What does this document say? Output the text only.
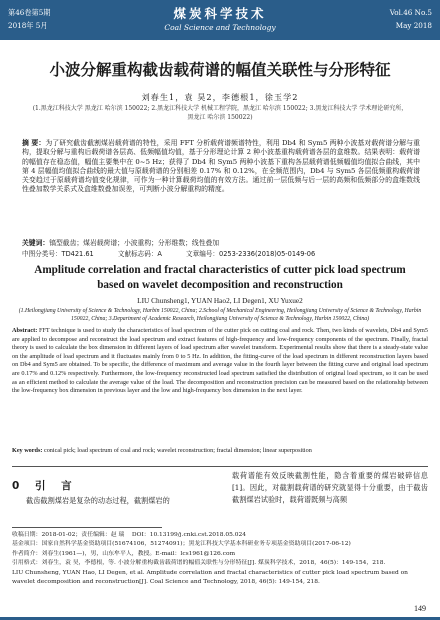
第46卷第5期
2018年 5月
煤炭科学技术
Coal Science and Technology
Vol.46 No.5
May 2018
小波分解重构截齿载荷谱的幅值关联性与分形特征
刘春生1，袁 昊2，李德根1，徐玉学2
(1.黑龙江科技大学 黑龙江 哈尔滨 150022; 2.黑龙江科技大学 机械工程学院，黑龙江 哈尔滨 150022; 3.黑龙江科技大学 学术理论研究所，黑龙江 哈尔滨 150022)
摘 要：为了研究截齿截割煤岩载荷谱的特性，采用 FFT 分析载荷谱频谱特性，利用 Db4 和 Sym5 两种小波基对载荷谱分解与重构，提取分解与重构后载荷谱各层高、低频幅值均值，基于分形理论计算 2 种小波基重构载荷谱各层的盒维数。结果表明：载荷谱的幅值存在稳态值，幅值主要集中在 0~5 Hz；获得了 Db4 和 Sym5 两种小波基下重构各层载荷谱低频幅值均值拟合曲线，其中第 4 层幅值均值拟合曲线的最大值与原载荷谱的分别相差 0.17% 和 0.12%，在全频范围内，Db4 与 Sym5 各层低频重构载荷谱关变趋过于原载荷谱均值变化规律，可作为一种计算载荷均值的有效方法。通过前一层低频与后一层的高频和低频部分的盒维数线性叠加数学关系式及盒维数叠加误差，可判断小波分解重构的精度。
关键词：镐型截齿；煤岩载荷谱；小波重构；分形维数；线性叠加
中图分类号：TD421.61	文献标志码：A	文章编号：0253-2336(2018)05-0149-06
Amplitude correlation and fractal characteristics of cutter pick load spectrum based on wavelet decomposition and reconstruction
LIU Chunsheng1, YUAN Hao2, LI Degen1, XU Yuxue2
(1.Heilongjiang University of Science & Technology, Harbin 150022, China; 2.School of Mechanical Engineering, Heilongjiang University of Science & Technology, Harbin 150022, China; 3.Department of Academic Research, Heilongjiang University of Science & Technology, Harbin 150022, China)
Abstract: FFT technique is used to study the characteristics of load spectrum of the cutter pick on cutting coal and rock. Then, two kinds of wavelets, Db4 and Sym5 are applied to decompose and reconstruct the load spectrum and extract features of high-frequency and low-frequency components of the spectrum. Finally, fractal theory is used to calculate the box dimension in different layers of load spectrum after wavelet transform. Experimental results show that there is a steady-state value on the amplitude of load spectrum and it fluctuates mainly from 0 to 5 Hz. In addition, the fitting-curve of the load spectrum in different reconstruction layers based on Db4 and Sym5 are obtained. To be specific, the difference of maximum and average value in the fourth layer between the fitting curve and original load spectrum are 0.17% and 0.12% respectively. Furthermore, the low-frequency reconstructed load spectrum satisfied the distribution of original load spectrum, so it can be used as an efficient method to calculate the average value of the load. The decomposition and reconstruction precision can be measured based on the relationship between the low-frequency box dimension in previous layer and the low and high-frequency box dimension in the next layer.
Key words: conical pick; load spectrum of coal and rock; wavelet reconstruction; fractal dimension; linear superposition
0 引 言
截齿截割煤岩是复杂的动态过程，截割煤岩的
载荷谱能有效反映截割性能，隐含着重要的煤岩破碎信息[1]。因此，对截割载荷谱的研究就显得十分重要，由于截齿截割煤岩试验时，载荷谱既频与高频
收稿日期：2018-01-02；责任编辑：赵 瑞 DOI：10.13199/j.cnki.cst.2018.05.024
基金项目：国家自然科学基金资助项目(51674106，51274091)；黑龙江科技大学基本科研业务专项基金资助项目(2017-06-12)
作者简介：刘春生(1961—)，男，山东牟平人，教授。E-mail：lcs1961@126.com
引用格式：刘春生，袁 昊，李德根，等. 小波分解重构截齿载荷谱的幅值关联性与分形特征[J]. 煤炭科学技术，2018，46(5)：149-154，218.
LIU Chunsheng, YUAN Hao, LI Degen, et al. Amplitude correlation and fractal characteristics of cutter pick load spectrum based on wavelet decomposition and reconstruction[J]. Coal Science and Technology, 2018, 46(5): 149-154, 218.
149
